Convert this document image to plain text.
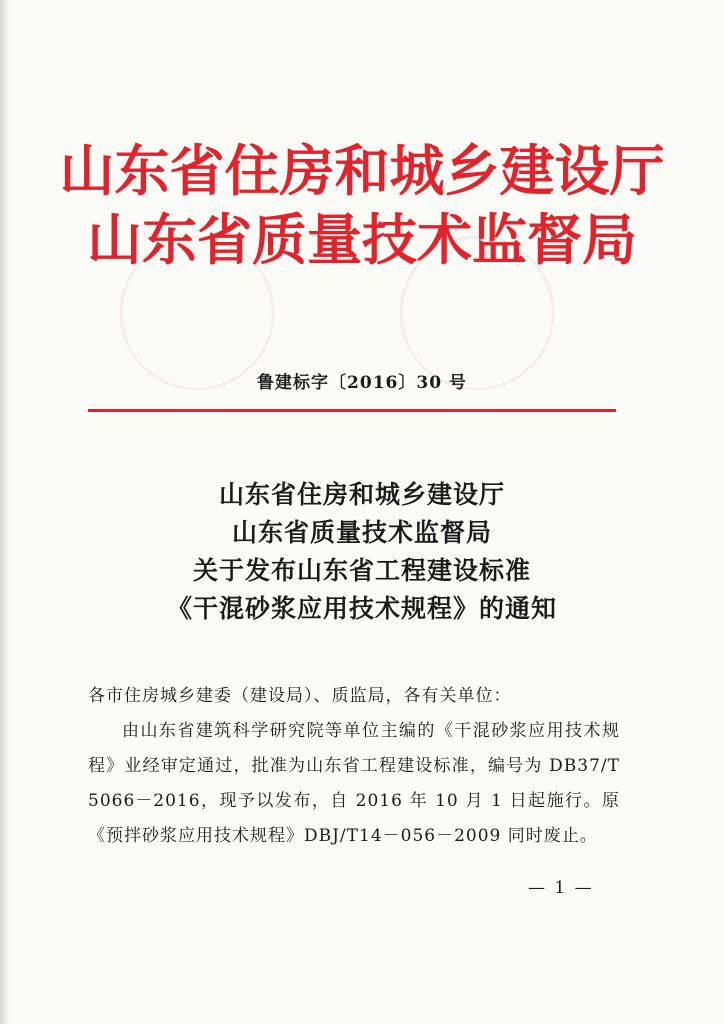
山东省住房和城乡建设厅
山东省质量技术监督局
鲁建标字〔2016〕30 号
山东省住房和城乡建设厅
山东省质量技术监督局
关于发布山东省工程建设标准
《干混砂浆应用技术规程》的通知
各市住房城乡建委（建设局）、质监局，各有关单位：
由山东省建筑科学研究院等单位主编的《干混砂浆应用技术规程》业经审定通过，批准为山东省工程建设标准，编号为 DB37/T 5066－2016，现予以发布，自 2016 年 10 月 1 日起施行。原《预拌砂浆应用技术规程》DBJ/T14－056－2009 同时废止。
— 1 —
